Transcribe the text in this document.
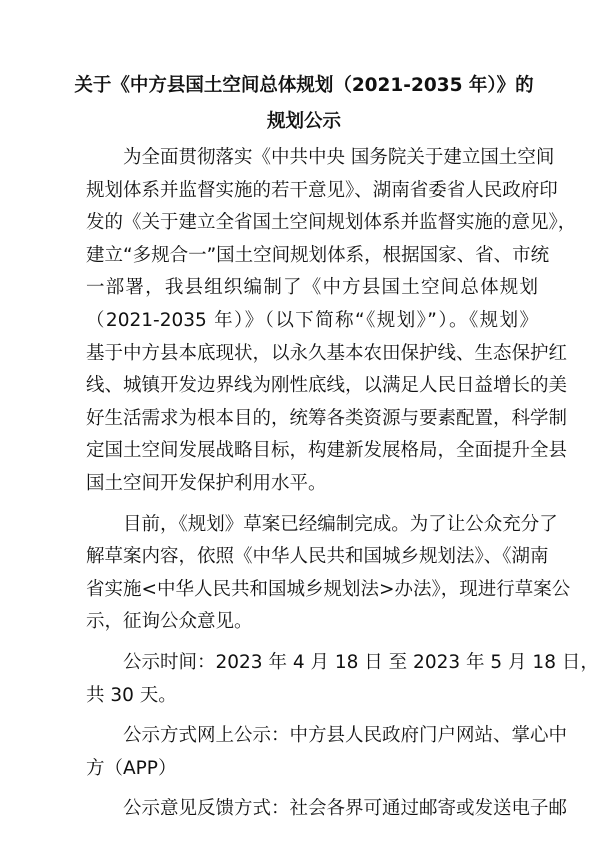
关于《中方县国土空间总体规划（2021-2035 年）》的
规划公示
为全面贯彻落实《中共中央 国务院关于建立国土空间
规划体系并监督实施的若干意见》、湖南省委省人民政府印
发的《关于建立全省国土空间规划体系并监督实施的意见》，
建立“多规合一”国土空间规划体系，根据国家、省、市统
一部署，我县组织编制了《中方县国土空间总体规划
（2021-2035 年）》（以下简称“《规划》”）。《规划》
基于中方县本底现状，以永久基本农田保护线、生态保护红
线、城镇开发边界线为刚性底线，以满足人民日益增长的美
好生活需求为根本目的，统筹各类资源与要素配置，科学制
定国土空间发展战略目标，构建新发展格局，全面提升全县
国土空间开发保护利用水平。
目前，《规划》草案已经编制完成。为了让公众充分了
解草案内容，依照《中华人民共和国城乡规划法》、《湖南
省实施<中华人民共和国城乡规划法>办法》，现进行草案公
示，征询公众意见。
公示时间：2023 年 4 月 18 日 至 2023 年 5 月 18 日，
共 30 天。
公示方式网上公示：中方县人民政府门户网站、掌心中
方（APP）
公示意见反馈方式：社会各界可通过邮寄或发送电子邮
